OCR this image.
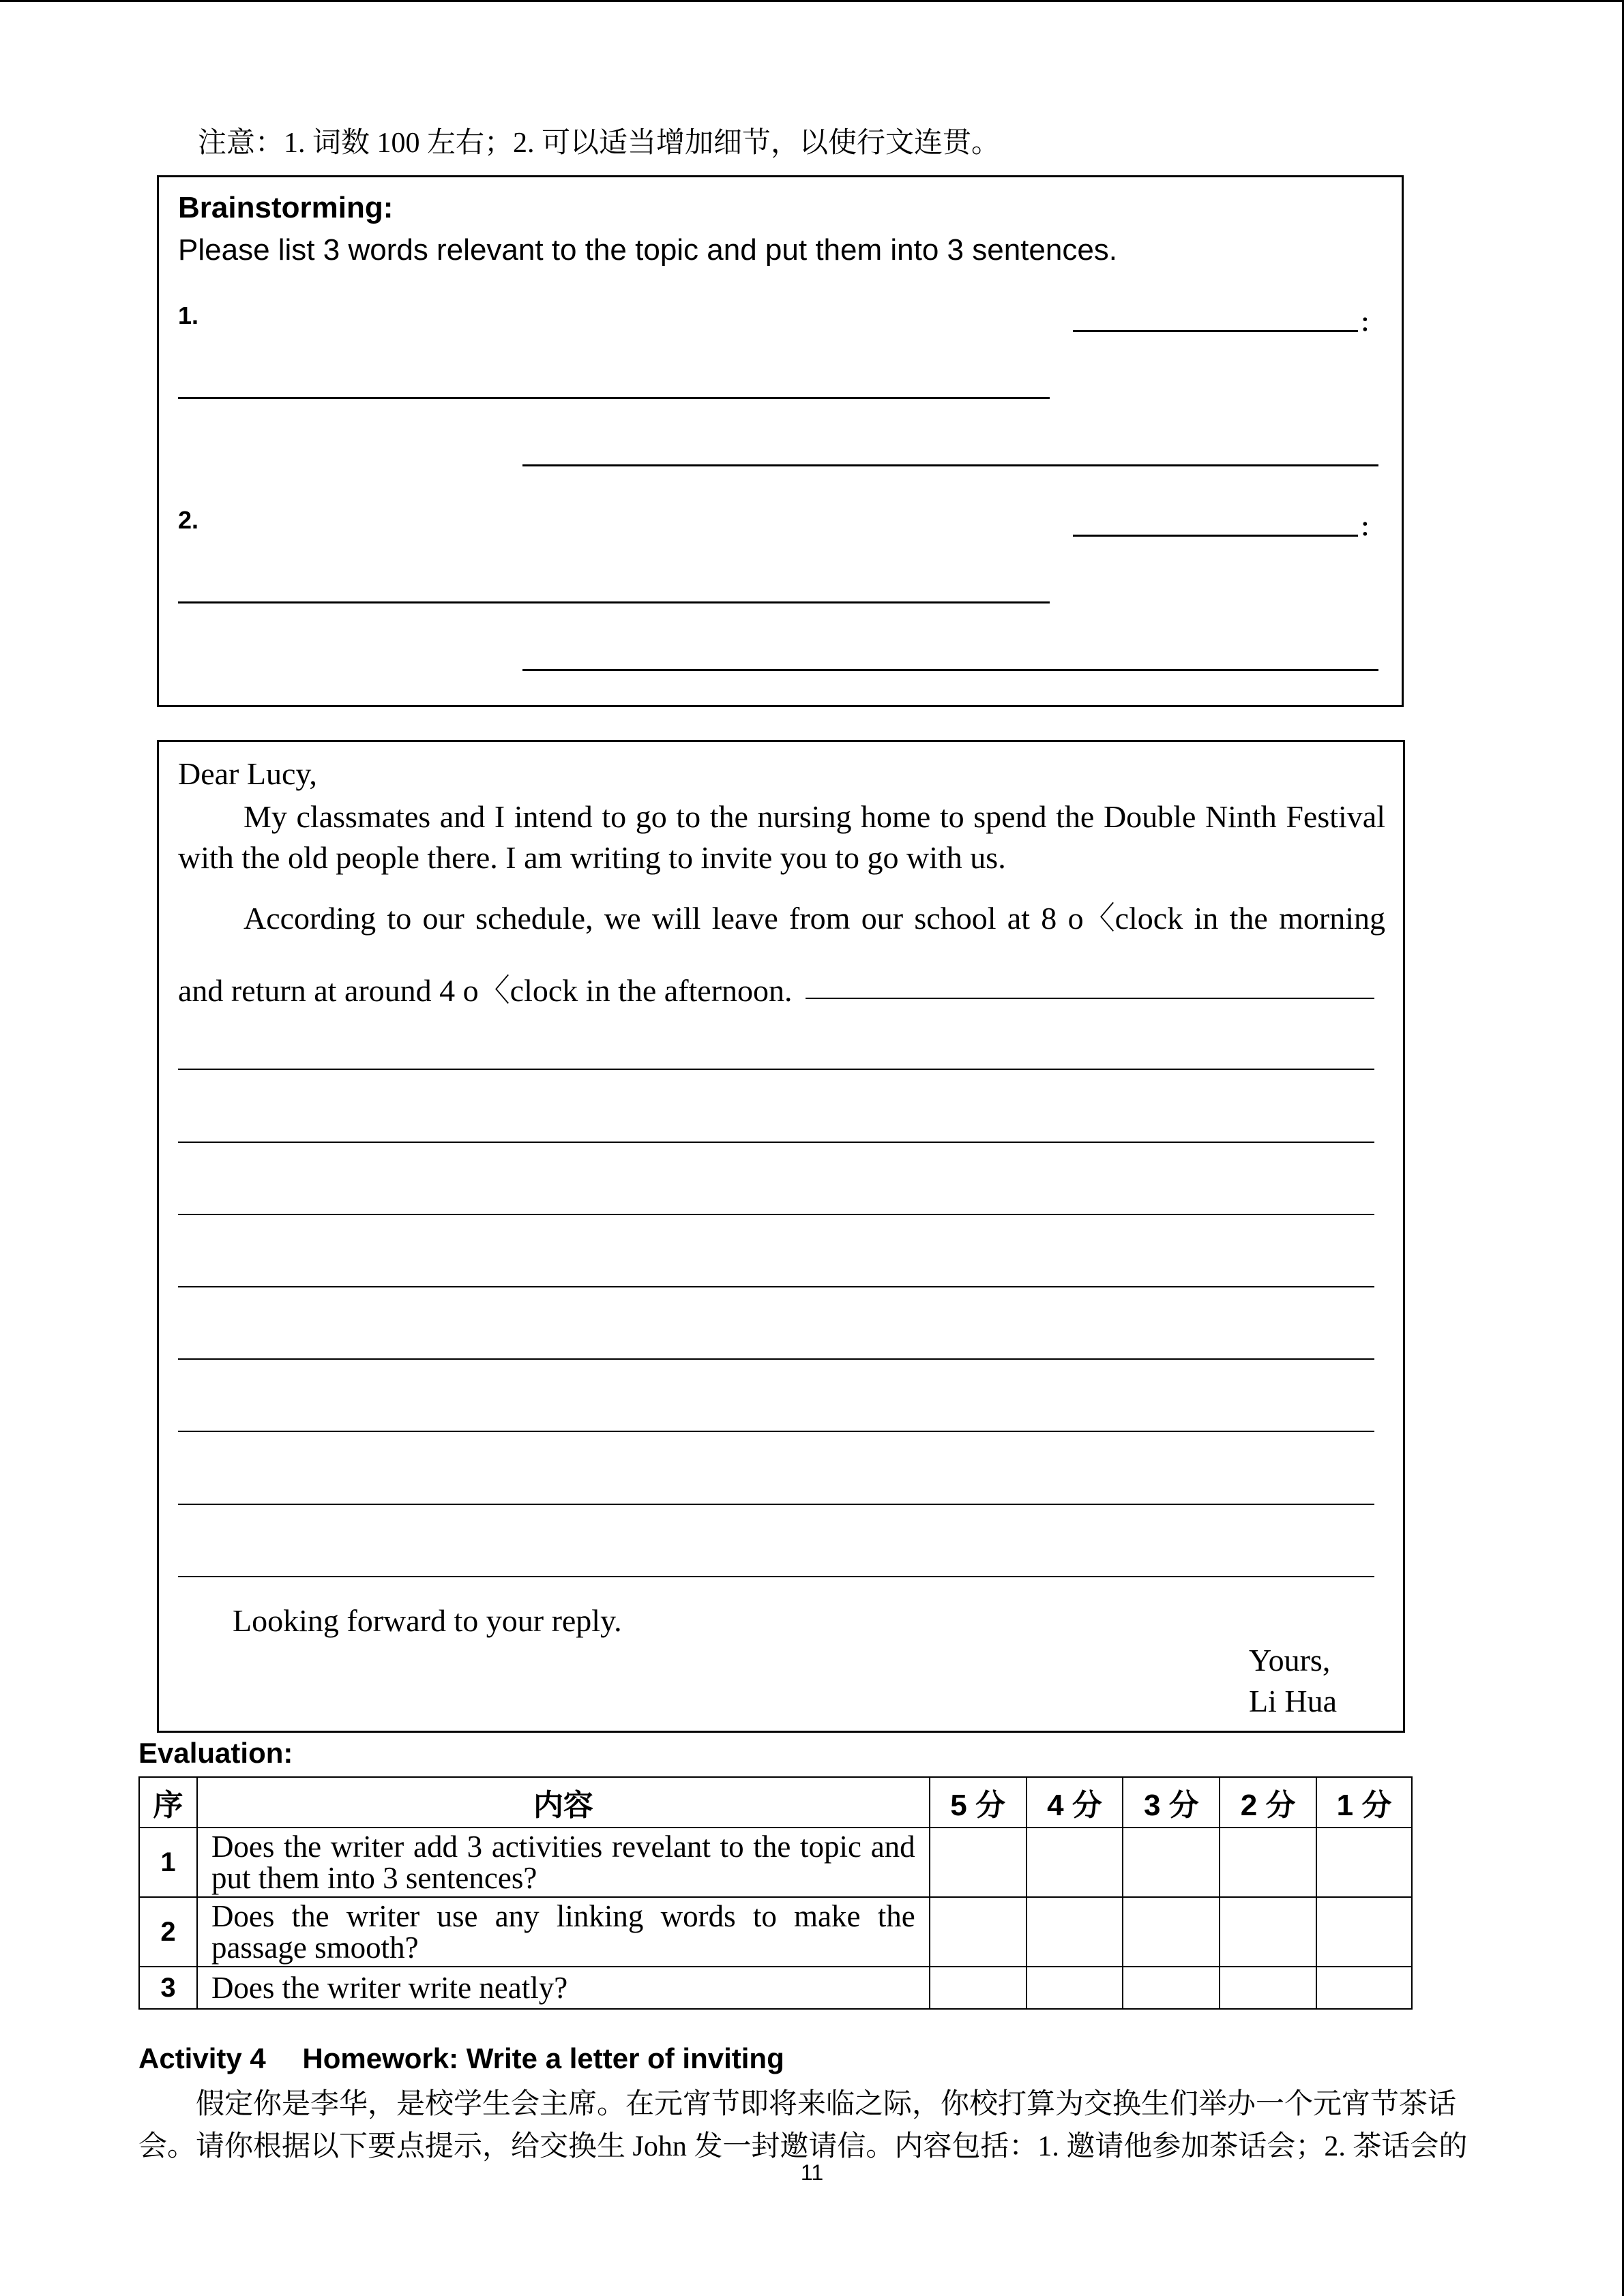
注意：1. 词数 100 左右；2. 可以适当增加细节，以使行文连贯。
Brainstorming:
Please list 3 words relevant to the topic and put them into 3 sentences.
1.	：
2.	：
Dear Lucy,
My classmates and I intend to go to the nursing home to spend the Double Ninth Festival with the old people there. I am writing to invite you to go with us.
According to our schedule, we will leave from our school at 8 o〈clock in the morning
and return at around 4 o〈clock in the afternoon.
Looking forward to your reply.
Yours,
Li Hua
Evaluation:
序	内容	5 分	4 分	3 分	2 分	1 分
1	Does the writer add 3 activities revelant to the topic and put them into 3 sentences?					
2	Does the writer use any linking words to make the passage smooth?					
3	Does the writer write neatly?					
Activity 4  Homework: Write a letter of inviting
　　假定你是李华，是校学生会主席。在元宵节即将来临之际，你校打算为交换生们举办一个元宵节茶话会。请你根据以下要点提示，给交换生 John 发一封邀请信。内容包括：1. 邀请他参加茶话会；2. 茶话会的
11
